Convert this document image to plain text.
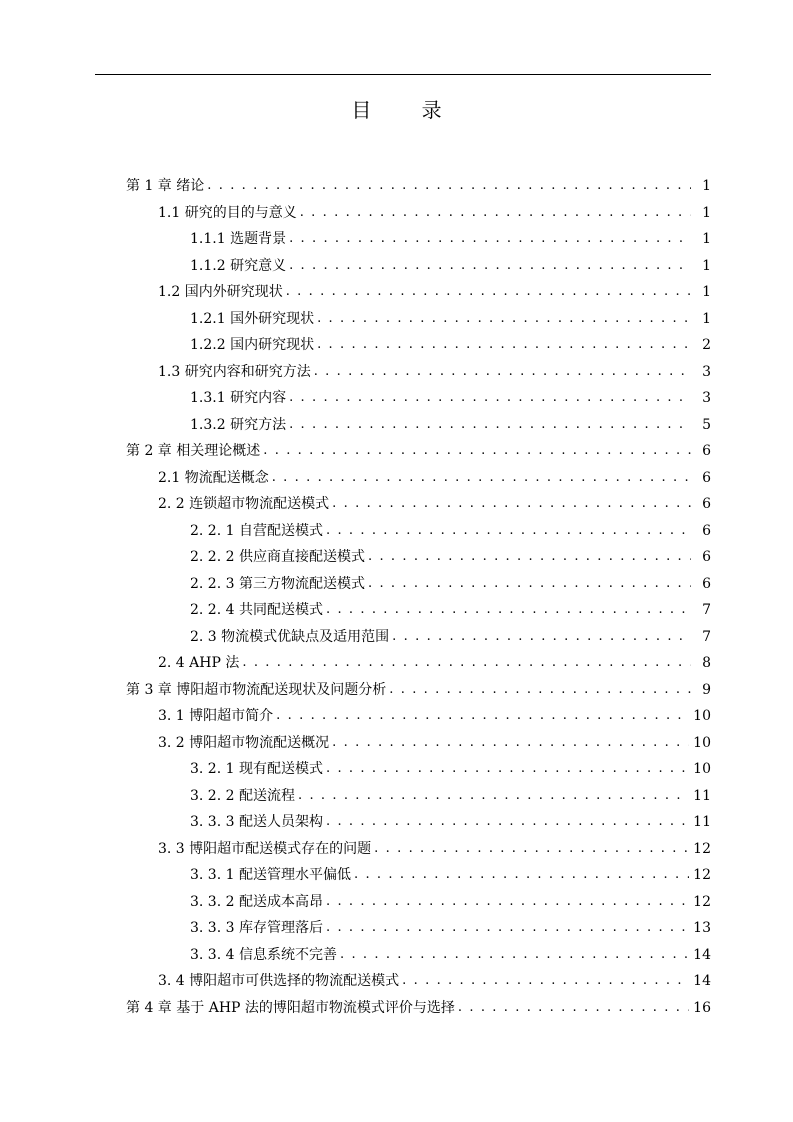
目 录
第 1 章 绪论 . . .	1
1.1 研究的目的与意义 . . .	1
1.1.1 选题背景 . . .	1
1.1.2 研究意义 . . .	1
1.2 国内外研究现状 . . .	1
1.2.1 国外研究现状 . . .	1
1.2.2 国内研究现状 . . .	2
1.3 研究内容和研究方法 . . .	3
1.3.1 研究内容 . . .	3
1.3.2 研究方法 . . .	5
第 2 章 相关理论概述 . . .	6
2.1 物流配送概念 . . .	6
2. 2 连锁超市物流配送模式 . . .	6
2. 2. 1 自营配送模式 . . .	6
2. 2. 2 供应商直接配送模式 . . .	6
2. 2. 3 第三方物流配送模式 . . .	6
2. 2. 4 共同配送模式 . . .	7
2. 3 物流模式优缺点及适用范围 . . .	7
2. 4 AHP 法 . . .	8
第 3 章 博阳超市物流配送现状及问题分析 . . .	9
3. 1 博阳超市简介 . . .	10
3. 2 博阳超市物流配送概况 . . .	10
3. 2. 1 现有配送模式 . . .	10
3. 2. 2 配送流程 . . .	11
3. 3. 3 配送人员架构 . . .	11
3. 3 博阳超市配送模式存在的问题 . . .	12
3. 3. 1 配送管理水平偏低 . . .	12
3. 3. 2 配送成本高昂 . . .	12
3. 3. 3 库存管理落后 . . .	13
3. 3. 4 信息系统不完善 . . .	14
3. 4 博阳超市可供选择的物流配送模式 . . .	14
第 4 章 基于 AHP 法的博阳超市物流模式评价与选择 . . .	16
